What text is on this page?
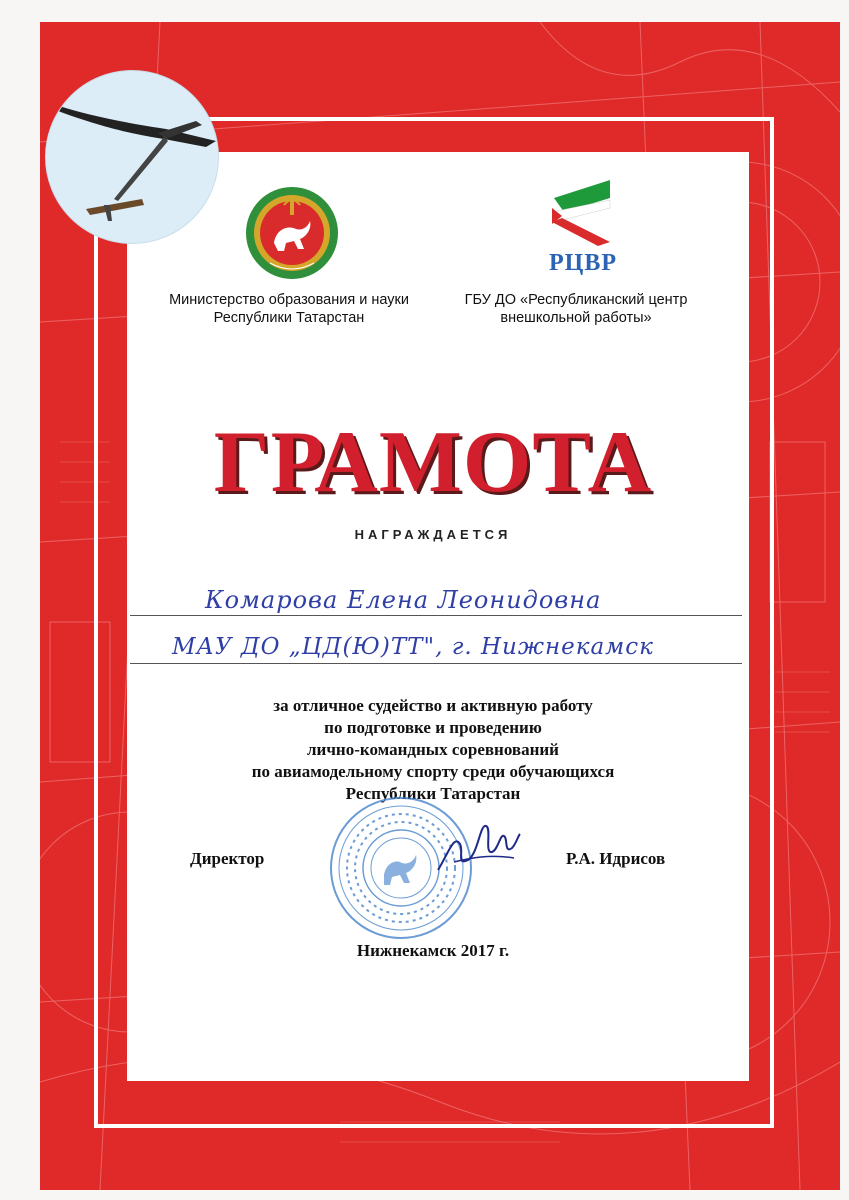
РЦВР
Министерство образования и науки
Республики Татарстан
ГБУ ДО «Республиканский центр
внешкольной работы»
ГРАМОТА
НАГРАЖДАЕТСЯ
Комарова Елена Леонидовна
МАУ ДО „ЦД(Ю)ТТ", г. Нижнекамск

за отличное судейство и активную работу

по подготовке и проведению

лично-командных соревнований

по авиамодельному спорту среди обучающихся

Республики Татарстан

Директор	Р.А. Идрисов
Нижнекамск 2017 г.
